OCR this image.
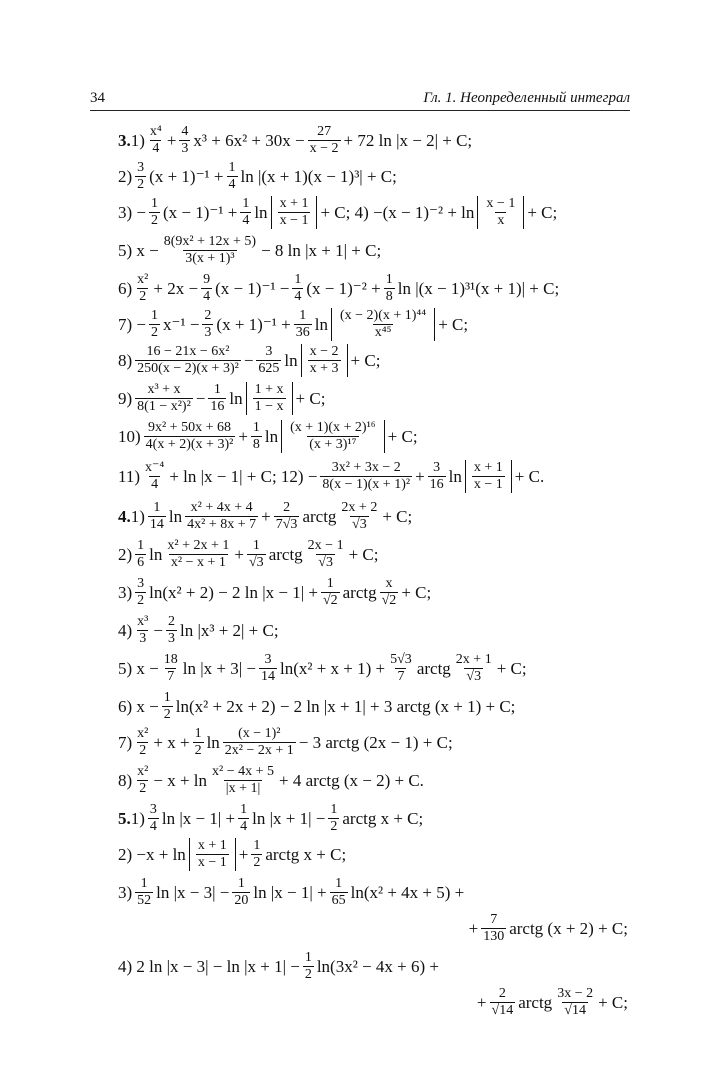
34	Гл. 1. Неопределенный интеграл
3. $1) \frac{\text{x⁴}}{4} + \frac{4}{3} x^3 + 6x^2 + 30x - \frac{27}{x - 2} + 72$ ln |x − 2| + C;
$2) \frac{3}{2} (x + 1)^{-1} + \frac{1}{4}$ ln |(x + 1)(x − 1)³| + C;
$3) - \frac{1}{2} (x - 1)^{-1} + \frac{1}{4}$ $\ln \frac{x + 1}{x - 1} + C$; $4) -(x - 1)^{-2} + \ln \frac{x - 1}{x} + C$;
5) $x - \frac{\text{8(9x² + 12x + 5)}}{\text{3(x + 1)³}} - 8$ ln |x + 1| + C;
$6) \frac{\text{x²}}{2} + 2x - \frac{9}{4} (x - 1)^{-1} - \frac{1}{4} (x - 1)^{-2} + \frac{1}{8}$ ln |(x − 1)³¹(x + 1)| + C;
$7) - \frac{1}{2} x^{-1} - \frac{2}{3} (x + 1)^{-1} + \frac{1}{36}$ $\ln \frac{\text{(x − 2)(x + 1)⁴⁴}}{\text{x⁴⁵}} + C$;
$8) \frac{\text{16 − 21x − 6x²}}{\text{250(x − 2)(x + 3)²}} - \frac{3}{625}$ $\ln \frac{x - 2}{x + 3} + C$;
$9) \frac{\text{x³ + x}}{\text{8(1 − x²)²}} - \frac{1}{16}$ $\ln \frac{1 + x}{1 - x} + C$;
$10) \frac{\text{9x² + 50x + 68}}{\text{4(x + 2)(x + 3)²}} + \frac{1}{8}$ $\ln \frac{\text{(x + 1)(x + 2)¹⁶}}{\text{(x + 3)¹⁷}} + C$;
$11) \frac{\text{x⁻⁴}}{4} + \ln |x - 1| + C$; $12) - \frac{\text{3x² + 3x − 2}}{\text{8(x − 1)(x + 1)²}} + \frac{3}{16}$ $\ln \frac{x + 1}{x - 1} + C$.
4. $1) \frac{1}{14}$ $\ln \frac{\text{x² + 4x + 4}}{\text{4x² + 8x + 7}} + \frac{2}{7√3}$ arctg $\frac{2x + 2}{√3} + C$;
$2) \frac{1}{6}$ $\ln \frac{\text{x² + 2x + 1}}{\text{x² − x + 1}} + \frac{1}{√3}$ arctg $\frac{2x - 1}{√3} + C$;
$3) \frac{3}{2} \ln(x^2 + 2) - 2$ $\ln |x - 1| + \frac{1}{√2}$ arctg $\frac{x}{√2} + C$;
$4) \frac{\text{x³}}{3} - \frac{2}{3}$ ln |x³ + 2| + C;
5) $x - \frac{18}{7}$ $\ln |x + 3| - \frac{3}{14} \ln(x^2 + x + 1) + \frac{5√3}{7}$ arctg $\frac{2x + 1}{√3} + C$;
6) $x - \frac{1}{2} \ln(x^2 + 2x + 2) - 2$ ln |x + 1| + 3 arctg (x + 1) + C;
$7) \frac{\text{x²}}{2} + x + \frac{1}{2}$ $\ln \frac{\text{(x − 1)²}}{\text{2x² − 2x + 1}} - 3$ arctg (2x − 1) + C;
$8) \frac{\text{x²}}{2} - x + \ln \frac{\text{x² − 4x + 5}}{|x + 1|} + 4$ arctg (x − 2) + C.
5. $1) \frac{3}{4}$ $\ln |x - 1| + \frac{1}{4}$ $\ln |x + 1| - \frac{1}{2}$ arctg x + C;
$2) -x + \ln \frac{x + 1}{x - 1} + \frac{1}{2}$ arctg x + C;
$3) \frac{1}{52}$ $\ln |x - 3| - \frac{1}{20}$ $\ln |x - 1| + \frac{1}{65} \ln(x^2 + 4x + 5)$ +
+ $\frac{7}{130}$ arctg (x + 2) + C;
4) 2 $\ln |x - 3| - \ln |x + 1| - \frac{1}{2} \ln(3x^2 - 4x + 6)$ +
+ $\frac{2}{√14}$ arctg $\frac{3x - 2}{√14} + C$;
